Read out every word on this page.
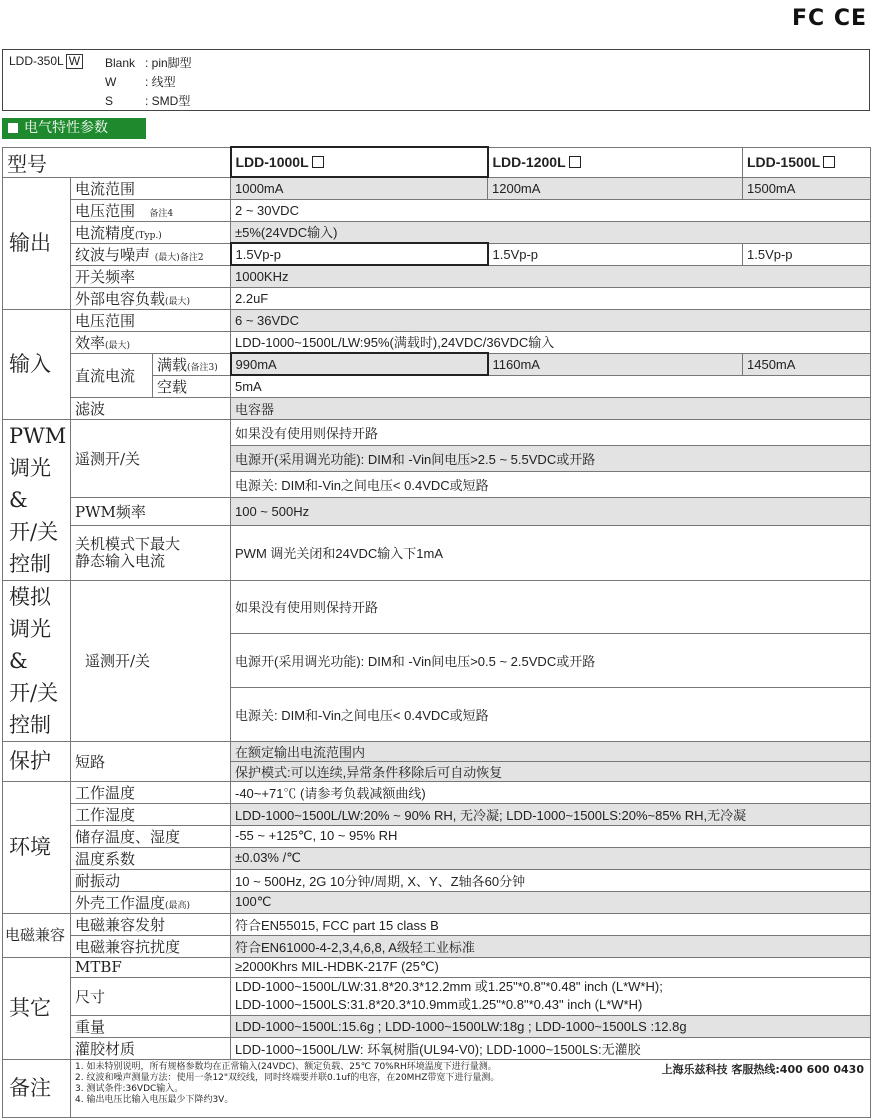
FC CE
LDD-350L W Blank : pin脚型
W : 线型
S	: SMD型
电气特性参数
型号			LDD-1000L	LDD-1200L	LDD-1500L
输出	电流范围		1000mA	1200mA	1500mA
	电压范围 备注4		2 ~ 30VDC		
	电流精度(Typ.)		±5%(24VDC输入)		
	纹波与噪声 (最大)备注2		1.5Vp-p	1.5Vp-p	1.5Vp-p
	开关频率		1000KHz		
	外部电容负载(最大)		2.2uF		
输入	电压范围		6 ~ 36VDC		
	效率(最大)		LDD-1000~1500L/LW:95%(满载时),24VDC/36VDC输入		
	直流电流	满载(备注3)	990mA	1160mA	1450mA
		空载	5mA		
	滤波		电容器		
PWM
调光&
开/关
控制	遥测开/关		如果没有使用则保持开路		
			电源开(采用调光功能): DIM和 -Vin间电压>2.5 ~ 5.5VDC或开路		
			电源关: DIM和-Vin之间电压< 0.4VDC或短路		
	PWM频率		100 ~ 500Hz		
	关机模式下最大
静态输入电流		PWM 调光关闭和24VDC输入下1mA		
模拟
调光&
开/关
控制	遥测开/关		如果没有使用则保持开路		
			电源开(采用调光功能): DIM和 -Vin间电压>0.5 ~ 2.5VDC或开路		
			电源关: DIM和-Vin之间电压< 0.4VDC或短路		
保护	短路		在额定输出电流范围内		
			保护模式:可以连续,异常条件移除后可自动恢复		
环境	工作温度		-40~+71℃ (请参考负载减额曲线)		
	工作湿度		LDD-1000~1500L/LW:20% ~ 90% RH, 无冷凝; LDD-1000~1500LS:20%~85% RH,无冷凝		
	储存温度、湿度		-55 ~ +125℃, 10 ~ 95% RH		
	温度系数		±0.03% /℃		
	耐振动		10 ~ 500Hz, 2G 10分钟/周期, X、Y、Z轴各60分钟		
	外壳工作温度(最高)		100℃		
电磁兼容	电磁兼容发射		符合EN55015, FCC part 15 class B		
	电磁兼容抗扰度		符合EN61000-4-2,3,4,6,8, A级轻工业标准		
其它	MTBF		≥2000Khrs MIL-HDBK-217F (25℃)		
	尺寸		LDD-1000~1500L/LW:31.8*20.3*12.2mm 或1.25"*0.8"*0.48" inch (L*W*H);
LDD-1000~1500LS:31.8*20.3*10.9mm或1.25"*0.8"*0.43" inch (L*W*H)		
	重量		LDD-1000~1500L:15.6g ; LDD-1000~1500LW:18g ; LDD-1000~1500LS :12.8g		
	灌胶材质		LDD-1000~1500L/LW: 环氧树脂(UL94-V0); LDD-1000~1500LS:无灌胶		
备注	上海乐兹科技 客服热线:400 600 0430
1. 如未特别说明，所有规格参数均在正常输入(24VDC)、额定负载、25℃ 70%RH环境温度下进行量测。
2. 纹波和噪声测量方法：使用一条12"双绞线，同时终端要并联0.1uf的电容，在20MHZ带宽下进行量测。
3. 测试条件:36VDC输入。
4. 输出电压比输入电压最少下降约3V。				
